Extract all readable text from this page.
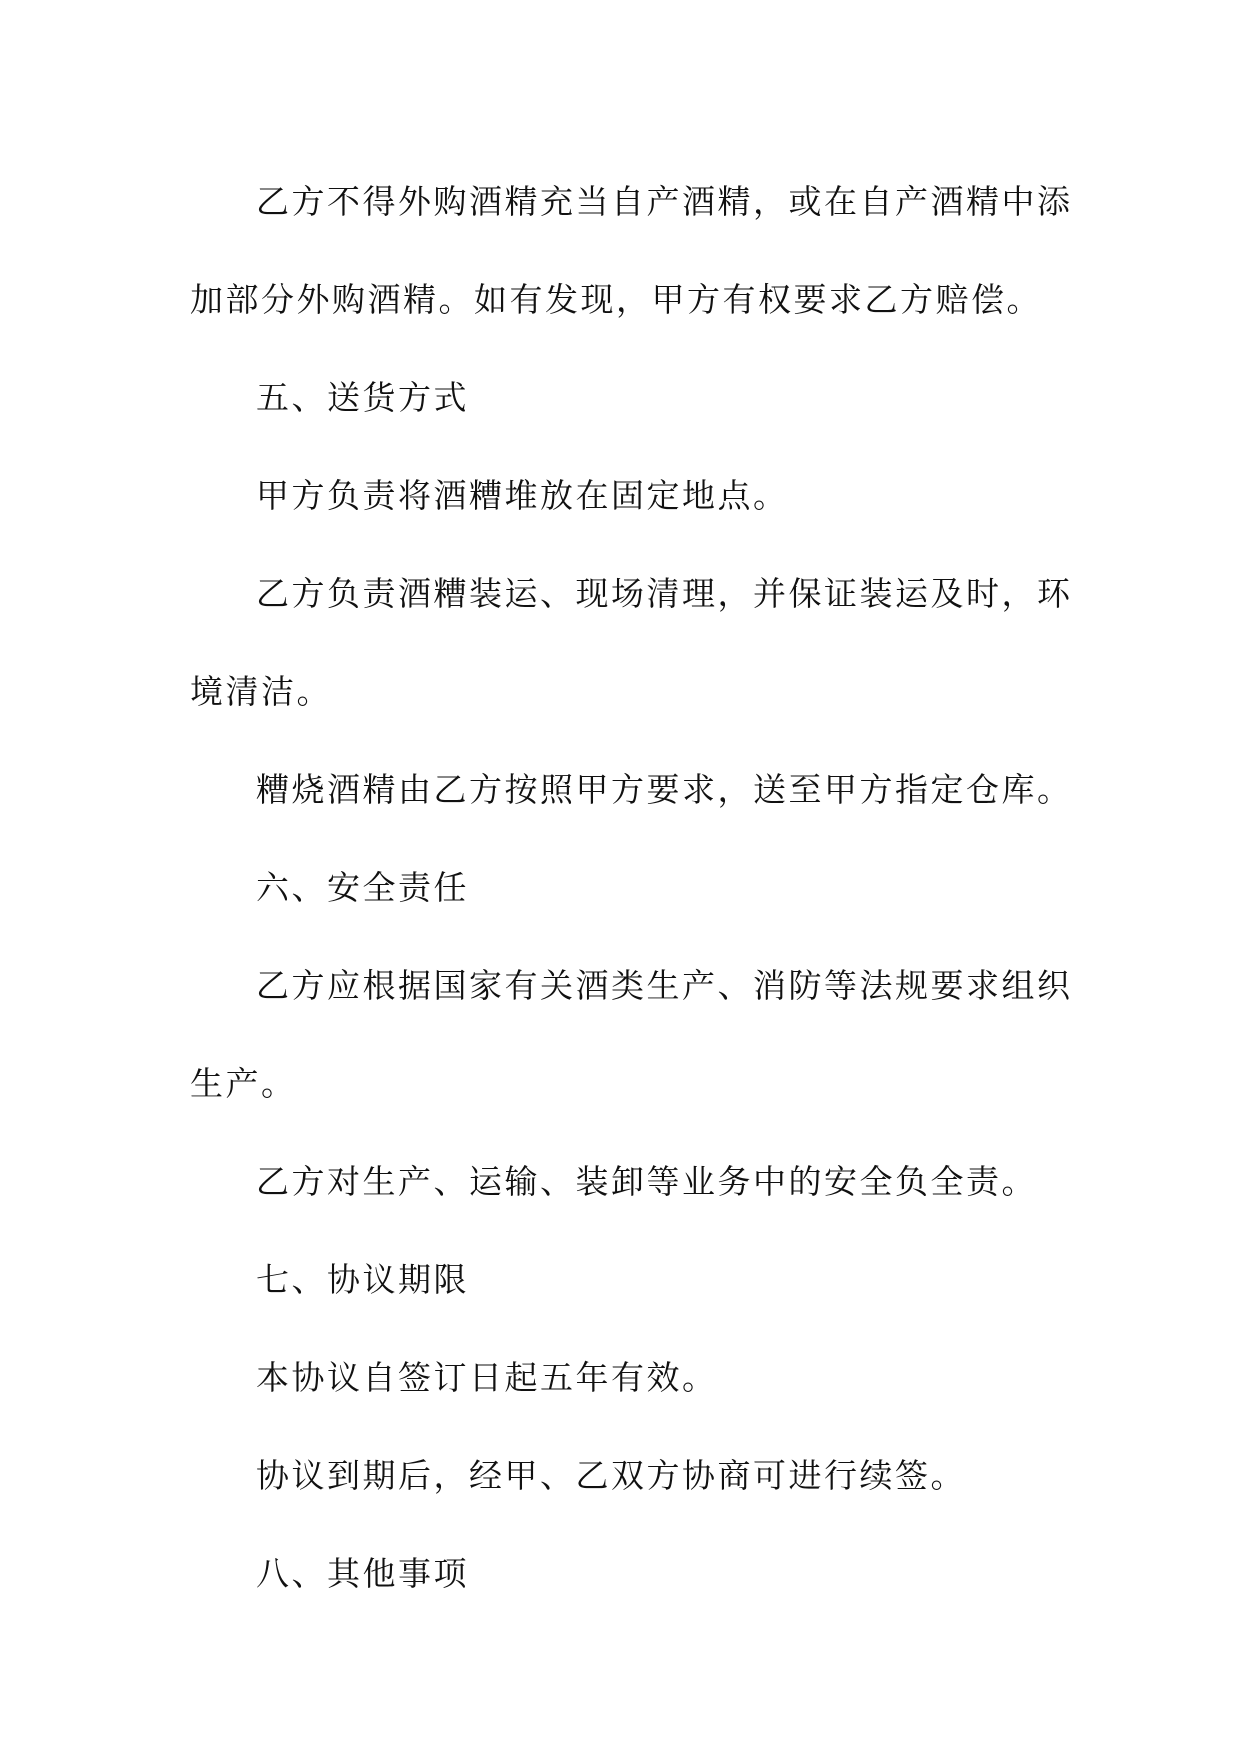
乙方不得外购酒精充当自产酒精，或在自产酒精中添
加部分外购酒精。如有发现，甲方有权要求乙方赔偿。
五、送货方式
甲方负责将酒糟堆放在固定地点。
乙方负责酒糟装运、现场清理，并保证装运及时，环
境清洁。
糟烧酒精由乙方按照甲方要求，送至甲方指定仓库。
六、安全责任
乙方应根据国家有关酒类生产、消防等法规要求组织
生产。
乙方对生产、运输、装卸等业务中的安全负全责。
七、协议期限
本协议自签订日起五年有效。
协议到期后，经甲、乙双方协商可进行续签。
八、其他事项
